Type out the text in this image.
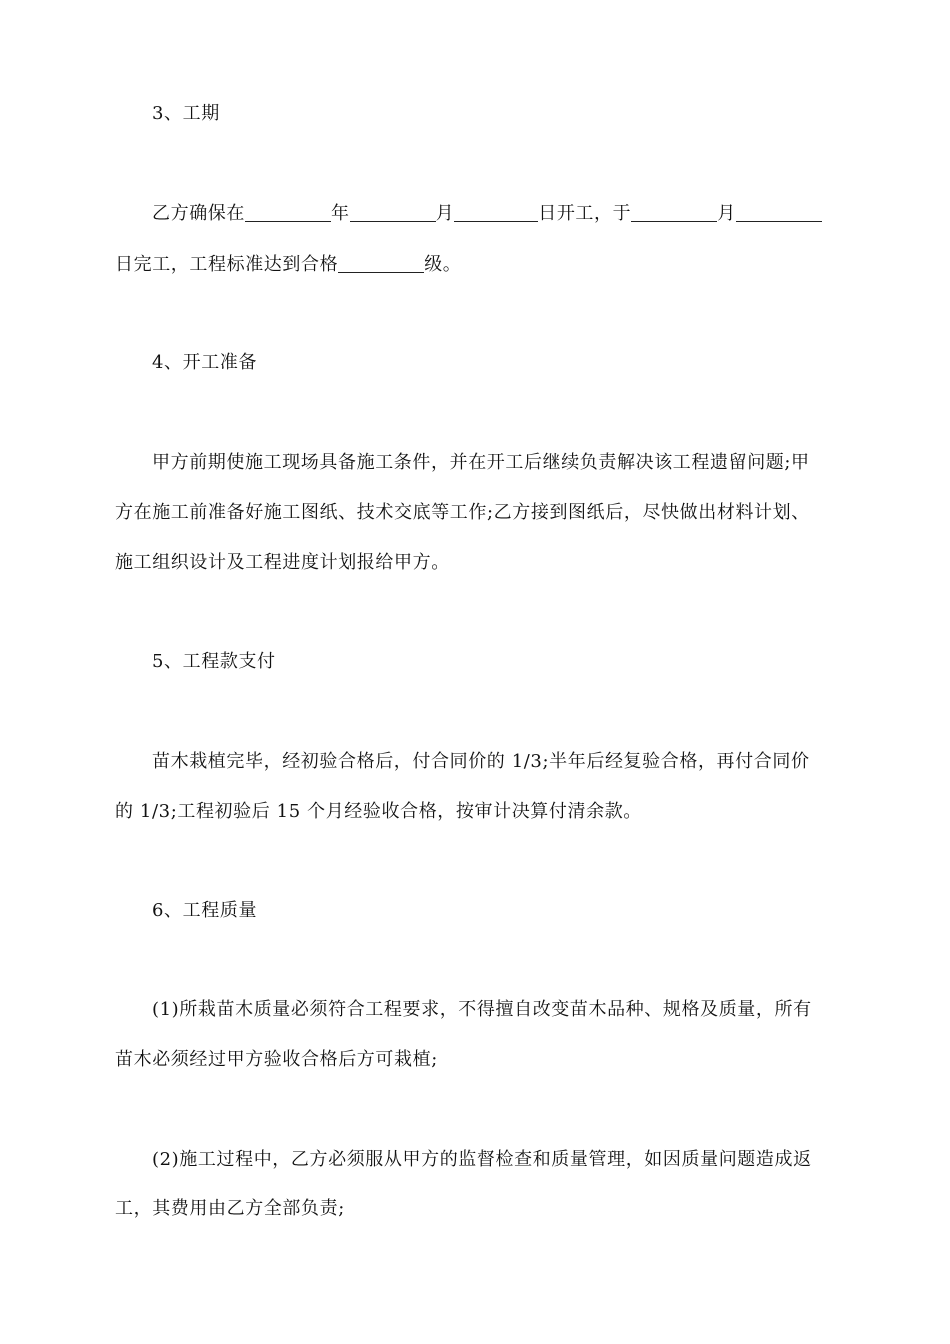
3、工期
乙方确保在	年	月	日开工，于	月
日完工，工程标准达到合格	级。
4、开工准备
甲方前期使施工现场具备施工条件，并在开工后继续负责解决该工程遗留问题;甲
方在施工前准备好施工图纸、技术交底等工作;乙方接到图纸后，尽快做出材料计划、
施工组织设计及工程进度计划报给甲方。
5、工程款支付
苗木栽植完毕，经初验合格后，付合同价的 1/3;半年后经复验合格，再付合同价
的 1/3;工程初验后 15 个月经验收合格，按审计决算付清余款。
6、工程质量
(1)所栽苗木质量必须符合工程要求，不得擅自改变苗木品种、规格及质量，所有
苗木必须经过甲方验收合格后方可栽植;
(2)施工过程中，乙方必须服从甲方的监督检查和质量管理，如因质量问题造成返
工，其费用由乙方全部负责;
